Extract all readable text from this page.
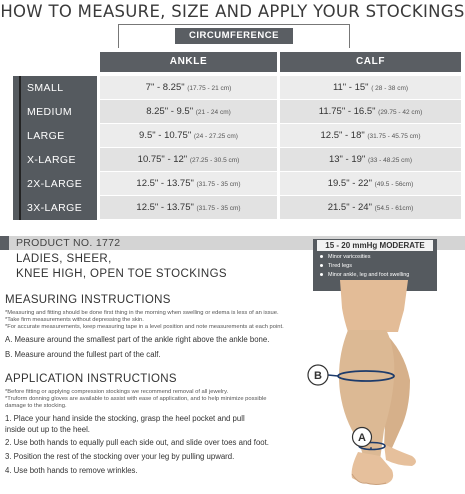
HOW TO MEASURE, SIZE AND APPLY YOUR STOCKINGS
CIRCUMFERENCE
ANKLE	CALF
SMALL	7" - 8.25" (17.75 - 21 cm)	11" - 15" ( 28 - 38 cm)
MEDIUM	8.25" - 9.5" (21 - 24 cm)	11.75" - 16.5" (29.75 - 42 cm)
LARGE	9.5" - 10.75" (24 - 27.25 cm)	12.5" - 18" (31.75 - 45.75 cm)
X-LARGE	10.75" - 12" (27.25 - 30.5 cm)	13" - 19" (33 - 48.25 cm)
2X-LARGE	12.5" - 13.75" (31.75 - 35 cm)	19.5" - 22" (49.5 - 56cm)
3X-LARGE	12.5" - 13.75" (31.75 - 35 cm)	21.5" - 24" (54.5 - 61cm)
PRODUCT NO. 1772
LADIES, SHEER,
KNEE HIGH, OPEN TOE STOCKINGS
15 - 20 mmHg MODERATE
Minor varicosities
Tired legs
Minor ankle, leg and foot swelling
MEASURING INSTRUCTIONS
*Measuring and fitting should be done first thing in the morning when swelling or edema is less of an issue.
*Take firm measurements without depressing the skin.
*For accurate measurements, keep measuring tape in a level position and note measurements at each point.
A. Measure around the smallest part of the ankle right above the ankle bone.
B. Measure around the fullest part of the calf.
APPLICATION INSTRUCTIONS
*Before fitting or applying compression stockings we recommend removal of all jewelry.
*Truform donning gloves are available to assist with ease of application, and to help minimize possible
damage to the stocking.
1. Place your hand inside the stocking, grasp the heel pocket and pull
inside out up to the heel.
2. Use both hands to equally pull each side out, and slide over toes and foot.
3. Position the rest of the stocking over your leg by pulling upward.
4. Use both hands to remove wrinkles.
B
A
